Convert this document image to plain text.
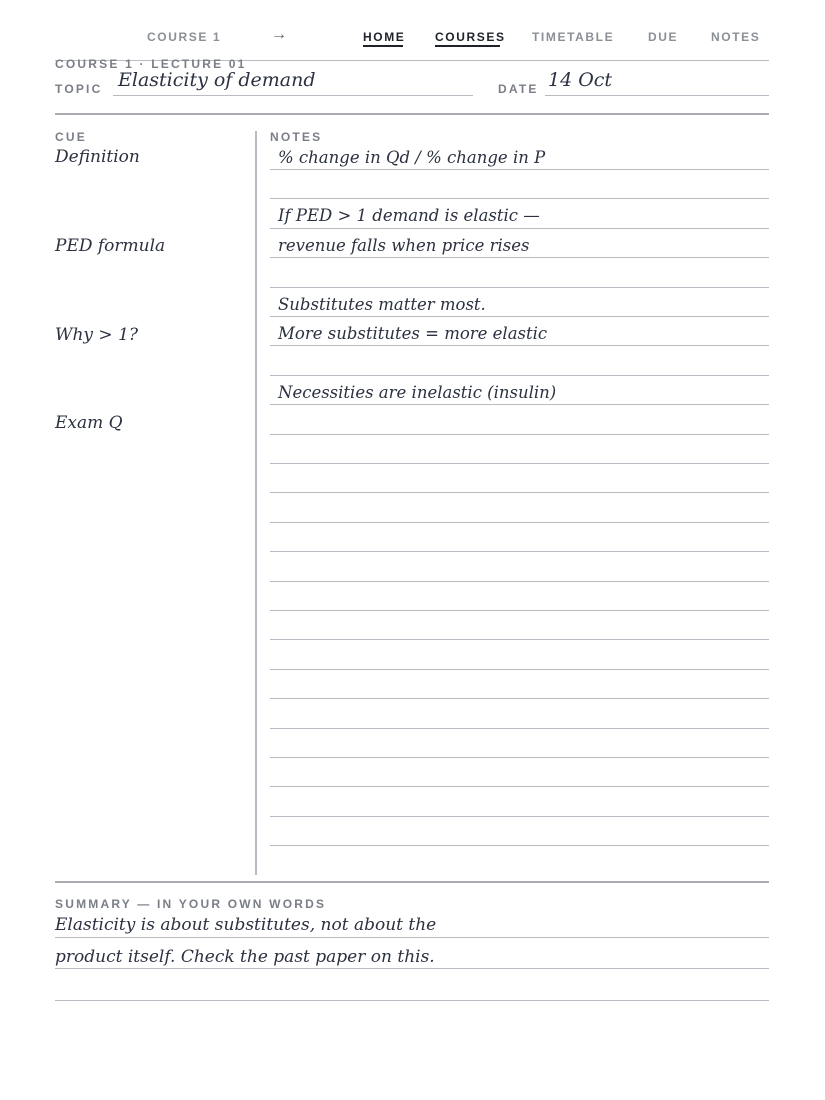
COURSE 1	→	HOME COURSES TIMETABLE	DUE	NOTES
COURSE 1 · LECTURE 01
TOPIC Elasticity of demand	DATE 14 Oct
CUE	NOTES
Definition
PED formula
Why > 1?
Exam Q
% change in Qd / % change in P
If PED > 1 demand is elastic —
revenue falls when price rises
Substitutes matter most.
More substitutes = more elastic
Necessities are inelastic (insulin)
SUMMARY — IN YOUR OWN WORDS
Elasticity is about substitutes, not about the
product itself. Check the past paper on this.
